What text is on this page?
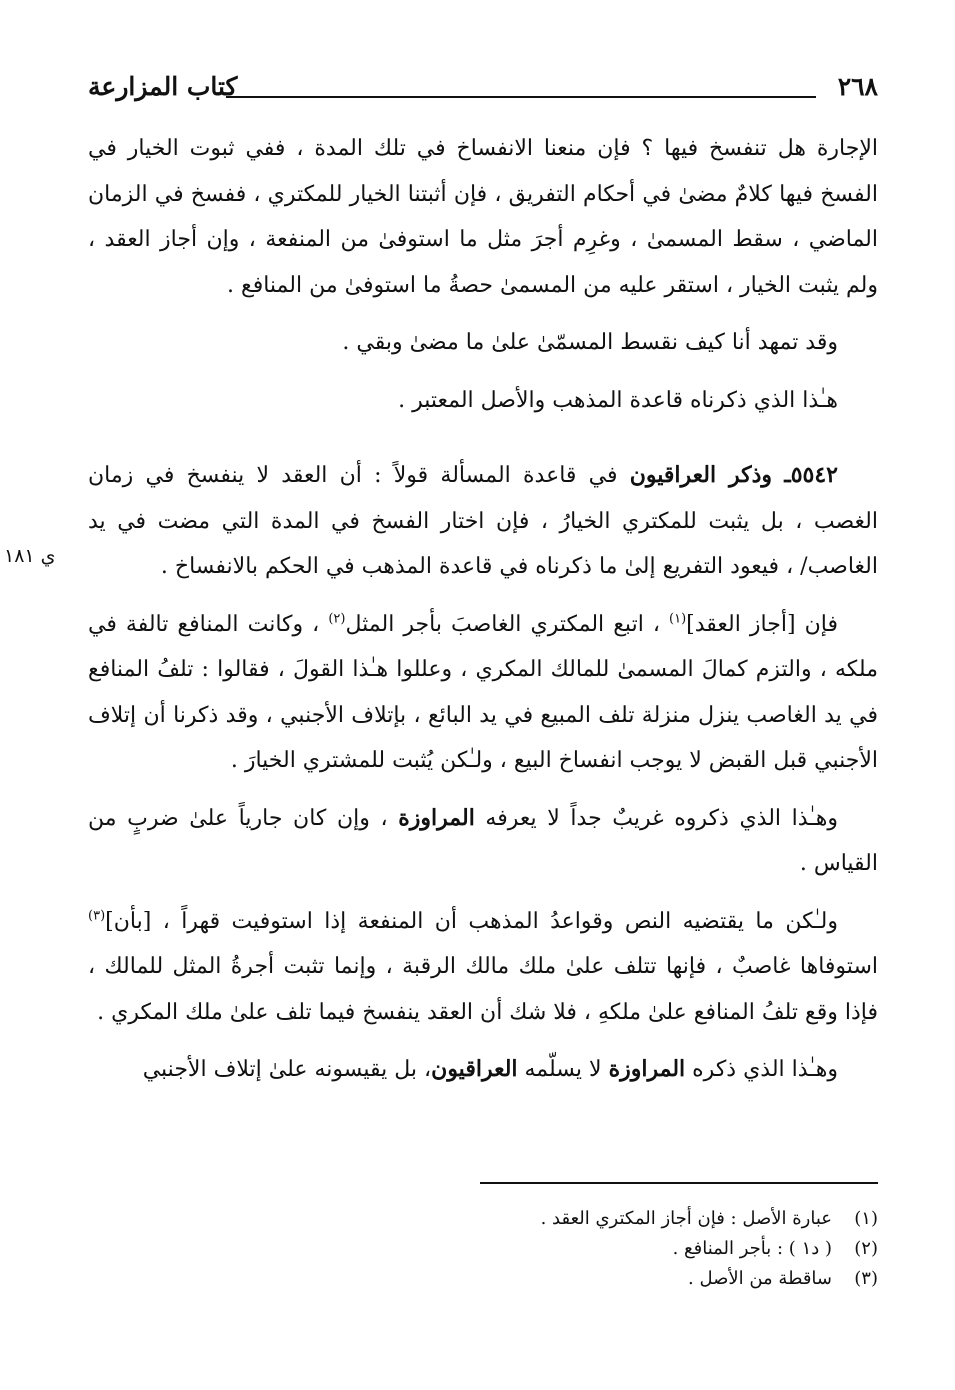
٢٦٨
كتاب المزارعة
ي ١٨١

الإجارة هل تنفسخ فيها ؟ فإن منعنا الانفساخ في تلك المدة ، ففي ثبوت الخيار في الفسخ فيها كلامٌ مضىٰ في أحكام التفريق ، فإن أثبتنا الخيار للمكتري ، ففسخ في الزمان الماضي ، سقط المسمىٰ ، وغرِم أجرَ مثل ما استوفىٰ من المنفعة ، وإن أجاز العقد ، ولم يثبت الخيار ، استقر عليه من المسمىٰ حصةُ ما استوفىٰ من المنافع .

وقد تمهد أنا كيف نقسط المسمّىٰ علىٰ ما مضىٰ وبقي .

هـٰذا الذي ذكرناه قاعدة المذهب والأصل المعتبر .

٥٥٤٢ـ وذكر العراقيون في قاعدة المسألة قولاً : أن العقد لا ينفسخ في زمان الغصب ، بل يثبت للمكتري الخيارُ ، فإن اختار الفسخ في المدة التي مضت في يد الغاصب/ ، فيعود التفريع إلىٰ ما ذكرناه في قاعدة المذهب في الحكم بالانفساخ .

فإن [أجاز العقد]$^{(١)}$ ، اتبع المكتري الغاصبَ بأجر المثل$^{(٢)}$ ، وكانت المنافع تالفة في ملكه ، والتزم كمالَ المسمىٰ للمالك المكري ، وعللوا هـٰذا القولَ ، فقالوا : تلفُ المنافع في يد الغاصب ينزل منزلة تلف المبيع في يد البائع ، بإتلاف الأجنبي ، وقد ذكرنا أن إتلاف الأجنبي قبل القبض لا يوجب انفساخ البيع ، ولـٰكن يُثبت للمشتري الخيارَ .

وهـٰذا الذي ذكروه غريبٌ جداً لا يعرفه المراوزة ، وإن كان جارياً علىٰ ضربٍ من القياس .

ولـٰكن ما يقتضيه النص وقواعدُ المذهب أن المنفعة إذا استوفيت قهراً ، [بأن]$^{(٣)}$ استوفاها غاصبٌ ، فإنها تتلف علىٰ ملك مالك الرقبة ، وإنما تثبت أجرةُ المثل للمالك ، فإذا وقع تلفُ المنافع علىٰ ملكهِ ، فلا شك أن العقد ينفسخ فيما تلف علىٰ ملك المكري .

وهـٰذا الذي ذكره المراوزة لا يسلّمه العراقيون، بل يقيسونه علىٰ إتلاف الأجنبي

(١)
عبارة الأصل : فإن أجاز المكتري العقد .
(٢)
( د١ ) : بأجر المنافع .
(٣)
ساقطة من الأصل .
